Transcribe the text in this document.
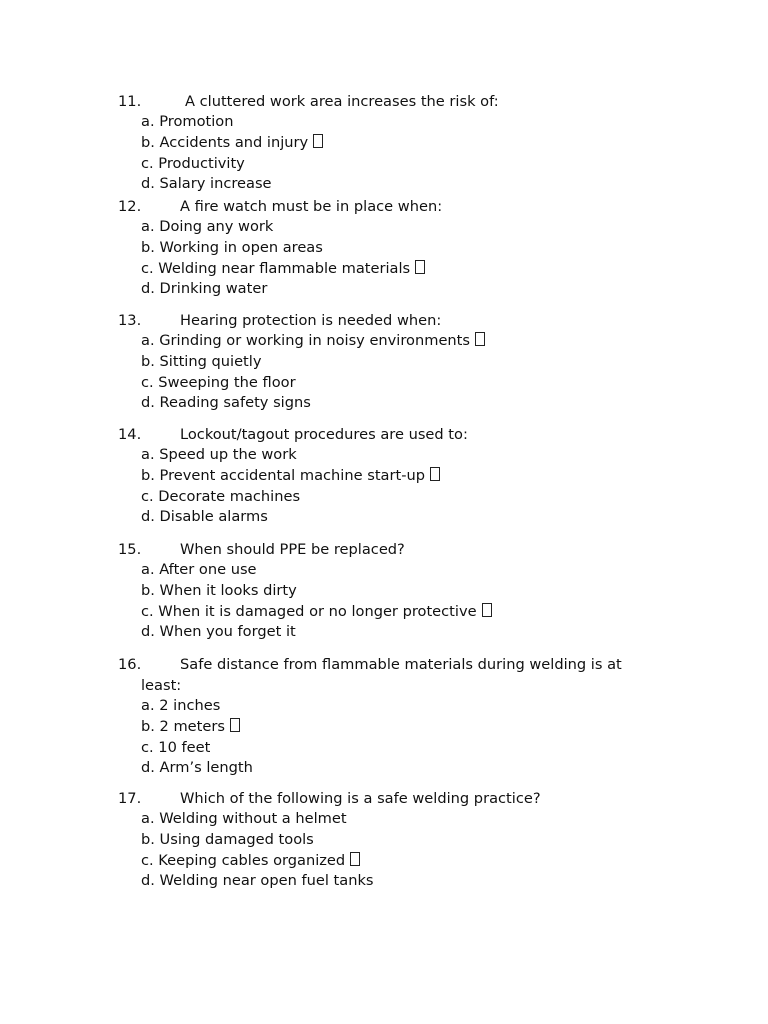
11.	A cluttered work area increases the risk of:
a. Promotion
b. Accidents and injury
c. Productivity
d. Salary increase
12.	A fire watch must be in place when:
a. Doing any work
b. Working in open areas
c. Welding near flammable materials
d. Drinking water
13.	Hearing protection is needed when:
a. Grinding or working in noisy environments
b. Sitting quietly
c. Sweeping the floor
d. Reading safety signs
14.	Lockout/tagout procedures are used to:
a. Speed up the work
b. Prevent accidental machine start-up
c. Decorate machines
d. Disable alarms
15.	When should PPE be replaced?
a. After one use
b. When it looks dirty
c. When it is damaged or no longer protective
d. When you forget it
16.	Safe distance from flammable materials during welding is at
least:
a. 2 inches
b. 2 meters
c. 10 feet
d. Arm’s length
17.	Which of the following is a safe welding practice?
a. Welding without a helmet
b. Using damaged tools
c. Keeping cables organized
d. Welding near open fuel tanks
